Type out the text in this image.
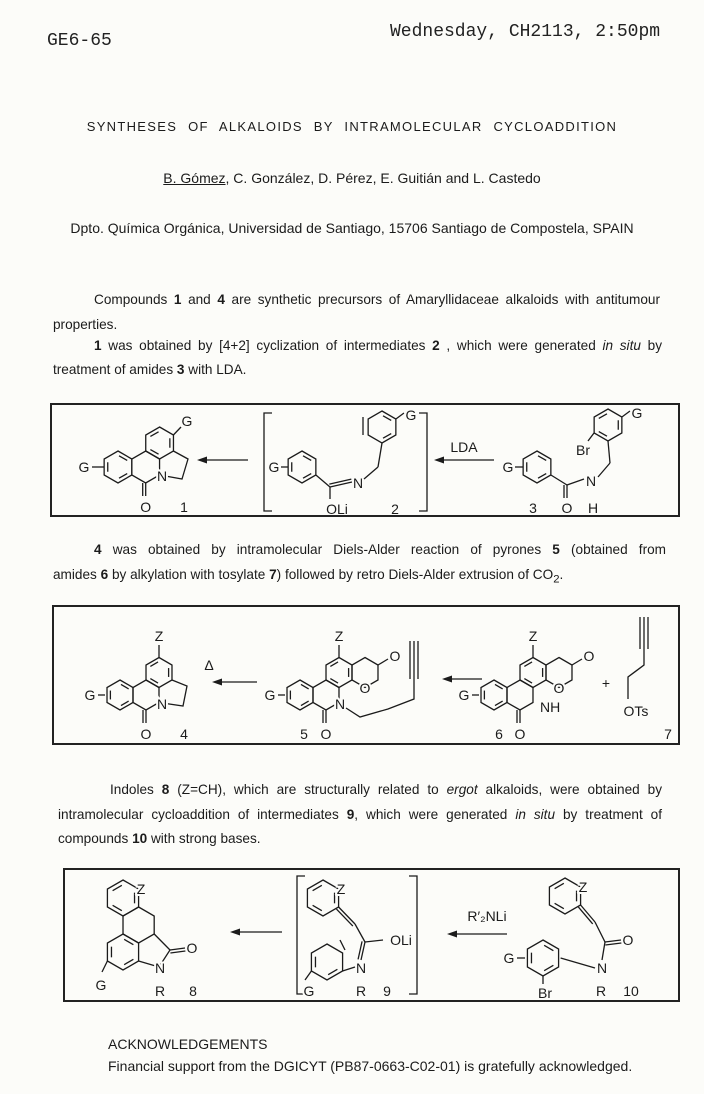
GE6-65	Wednesday, CH2113, 2:50pm
SYNTHESES OF ALKALOIDS BY INTRAMOLECULAR CYCLOADDITION
B. Gómez, C. González, D. Pérez, E. Guitián and L. Castedo
Dpto. Química Orgánica, Universidad de Santiago, 15706 Santiago de Compostela, SPAIN
Compounds 1 and 4 are synthetic precursors of Amaryllidaceae alkaloids with antitumour
properties.
1 was obtained by [4+2] cyclization of intermediates 2 , which were generated in situ by
treatment of amides 3 with LDA.
O
N
G
G
1
G
N
OLi	2
G
LDA
G
O
N
H
Br
G
3
4 was obtained by intramolecular Diels-Alder reaction of pyrones 5 (obtained from
amides 6 by alkylation with tosylate 7) followed by retro Diels-Alder extrusion of $CO_2$.
Z
G
N
O 4
Δ
Z
G	O
O
N
O
5
Z
G	O
O
NH
O
6
+
OTs
7
Indoles 8 (Z=CH), which are structurally related to ergot alkaloids, were obtained by
intramolecular cycloaddition of intermediates 9, which were generated in situ by treatment of
compounds 10 with strong bases.
Z
O
N
R 8
G
Z
OLi
N
G	R 9
R′₂NLi
Z
O
N
G
Br	R 10
ACKNOWLEDGEMENTS
Financial support from the DGICYT (PB87-0663-C02-01) is gratefully acknowledged.
